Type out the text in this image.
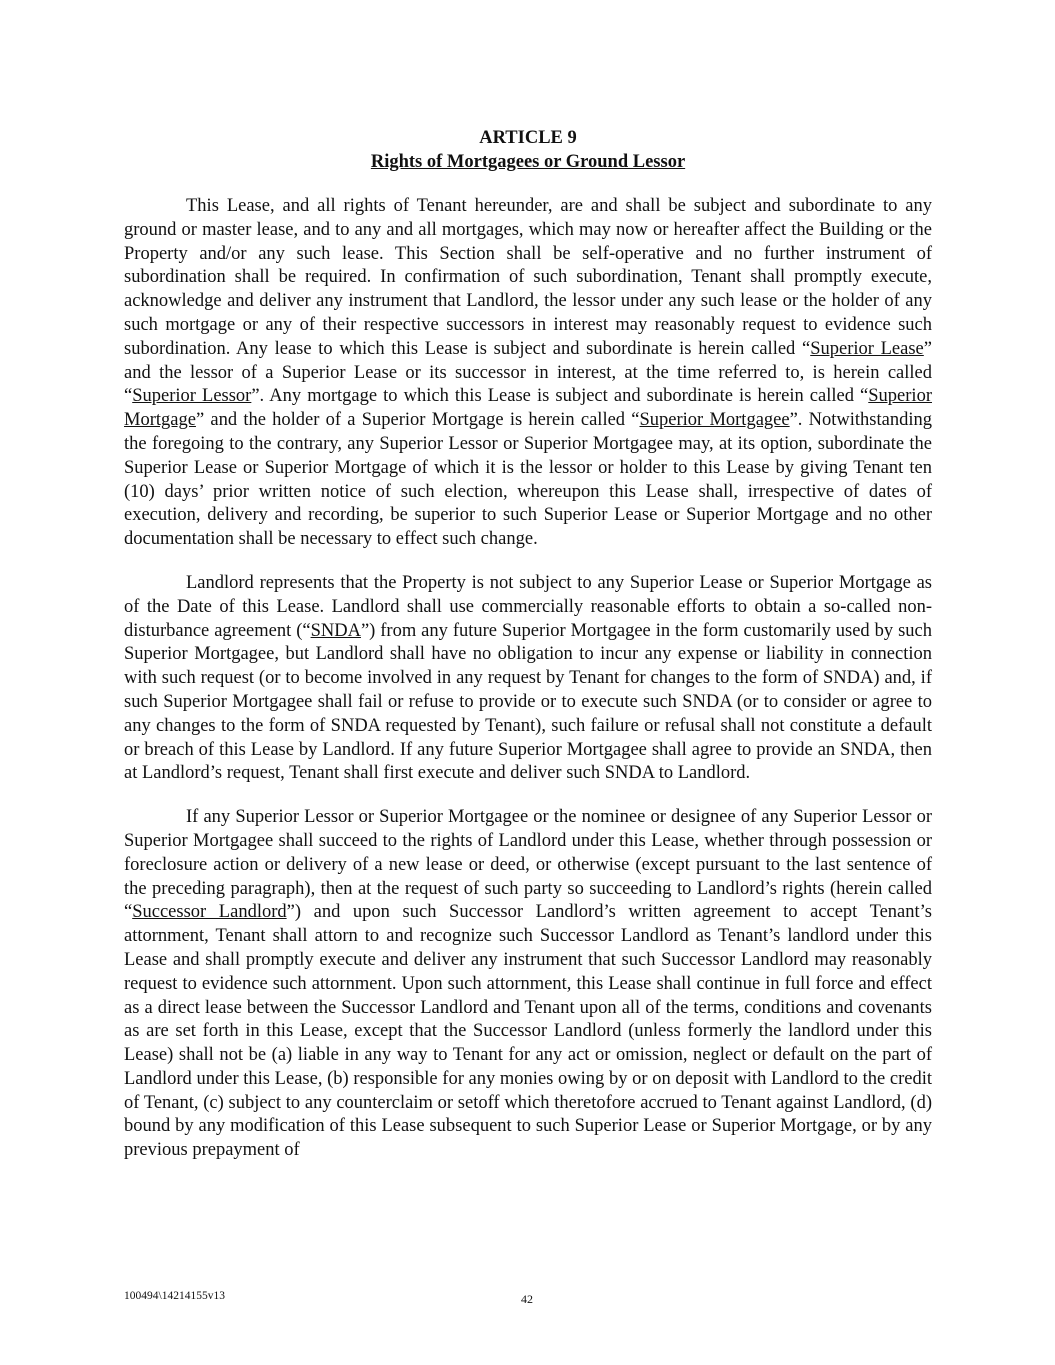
ARTICLE 9
Rights of Mortgagees or Ground Lessor

This Lease, and all rights of Tenant hereunder, are and shall be subject and subordinate to any ground or master lease, and to any and all mortgages, which may now or hereafter affect the Building or the Property and/or any such lease. This Section shall be self-operative and no further instrument of subordination shall be required. In confirmation of such subordination, Tenant shall promptly execute, acknowledge and deliver any instrument that Landlord, the lessor under any such lease or the holder of any such mortgage or any of their respective successors in interest may reasonably request to evidence such subordination. Any lease to which this Lease is subject and subordinate is herein called “Superior Lease” and the lessor of a Superior Lease or its successor in interest, at the time referred to, is herein called “Superior Lessor”. Any mortgage to which this Lease is subject and subordinate is herein called “Superior Mortgage” and the holder of a Superior Mortgage is herein called “Superior Mortgagee”. Notwithstanding the foregoing to the contrary, any Superior Lessor or Superior Mortgagee may, at its option, subordinate the Superior Lease or Superior Mortgage of which it is the lessor or holder to this Lease by giving Tenant ten (10) days’ prior written notice of such election, whereupon this Lease shall, irrespective of dates of execution, delivery and recording, be superior to such Superior Lease or Superior Mortgage and no other documentation shall be necessary to effect such change.

Landlord represents that the Property is not subject to any Superior Lease or Superior Mortgage as of the Date of this Lease. Landlord shall use commercially reasonable efforts to obtain a so-called non-disturbance agreement (“SNDA”) from any future Superior Mortgagee in the form customarily used by such Superior Mortgagee, but Landlord shall have no obligation to incur any expense or liability in connection with such request (or to become involved in any request by Tenant for changes to the form of SNDA) and, if such Superior Mortgagee shall fail or refuse to provide or to execute such SNDA (or to consider or agree to any changes to the form of SNDA requested by Tenant), such failure or refusal shall not constitute a default or breach of this Lease by Landlord. If any future Superior Mortgagee shall agree to provide an SNDA, then at Landlord’s request, Tenant shall first execute and deliver such SNDA to Landlord.

If any Superior Lessor or Superior Mortgagee or the nominee or designee of any Superior Lessor or Superior Mortgagee shall succeed to the rights of Landlord under this Lease, whether through possession or foreclosure action or delivery of a new lease or deed, or otherwise (except pursuant to the last sentence of the preceding paragraph), then at the request of such party so succeeding to Landlord’s rights (herein called “Successor Landlord”) and upon such Successor Landlord’s written agreement to accept Tenant’s attornment, Tenant shall attorn to and recognize such Successor Landlord as Tenant’s landlord under this Lease and shall promptly execute and deliver any instrument that such Successor Landlord may reasonably request to evidence such attornment. Upon such attornment, this Lease shall continue in full force and effect as a direct lease between the Successor Landlord and Tenant upon all of the terms, conditions and covenants as are set forth in this Lease, except that the Successor Landlord (unless formerly the landlord under this Lease) shall not be (a) liable in any way to Tenant for any act or omission, neglect or default on the part of Landlord under this Lease, (b) responsible for any monies owing by or on deposit with Landlord to the credit of Tenant, (c) subject to any counterclaim or setoff which theretofore accrued to Tenant against Landlord, (d) bound by any modification of this Lease subsequent to such Superior Lease or Superior Mortgage, or by any previous prepayment of

100494\14214155v13	42
